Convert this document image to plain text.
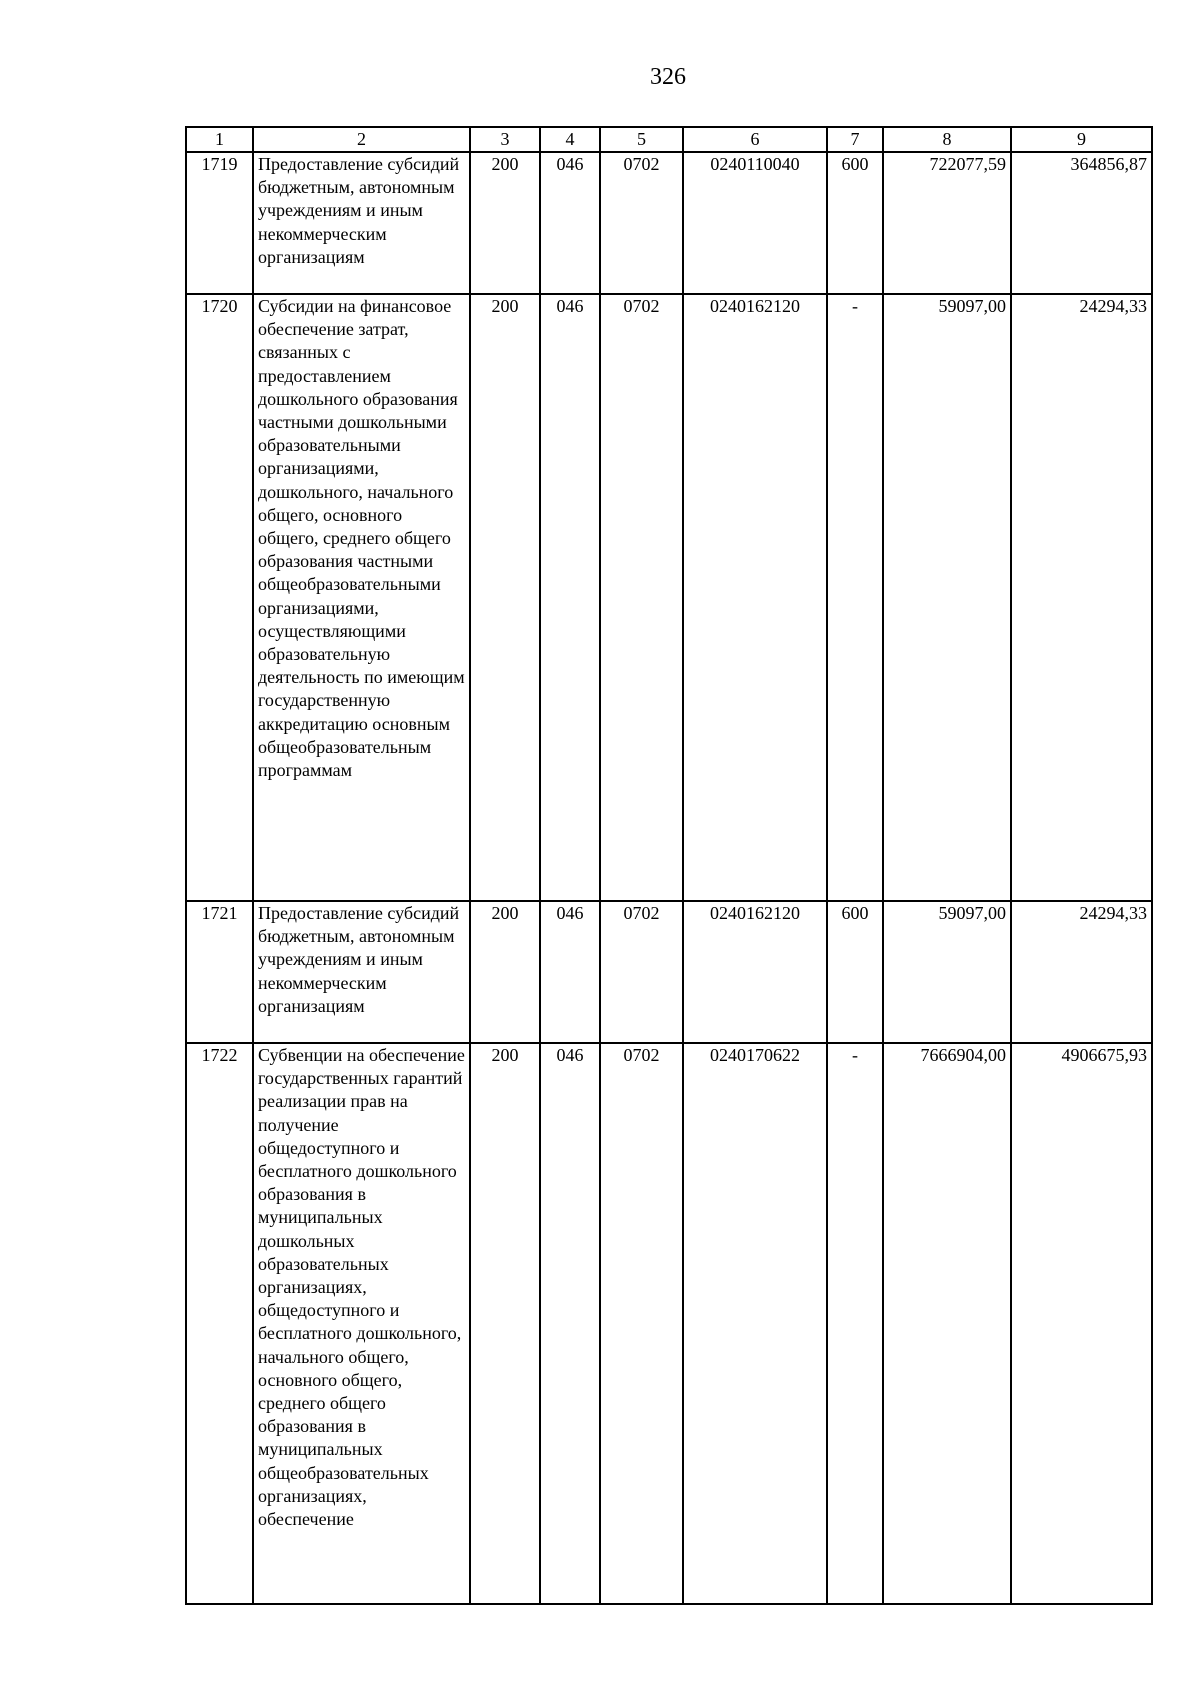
326
1	2	3	4	5	6	7	8	9
1719	Предоставление субсидий бюджетным, автономным учреждениям и иным некоммерческим организациям	200	046	0702	0240110040	600	722077,59	364856,87
1720	Субсидии на финансовое обеспечение затрат, связанных с предоставлением дошкольного образования частными дошкольными образовательными организациями, дошкольного, начального общего, основного общего, среднего общего образования частными общеобразовательными организациями, осуществляющими образовательную деятельность по имеющим государственную аккредитацию основным общеобразовательным программам	200	046	0702	0240162120	-	59097,00	24294,33
1721	Предоставление субсидий бюджетным, автономным учреждениям и иным некоммерческим организациям	200	046	0702	0240162120	600	59097,00	24294,33
1722	Субвенции на обеспечение государственных гарантий реализации прав на получение общедоступного и бесплатного дошкольного образования в муниципальных дошкольных образовательных организациях, общедоступного и бесплатного дошкольного, начального общего, основного общего, среднего общего образования в муниципальных общеобразовательных организациях, обеспечение	200	046	0702	0240170622	-	7666904,00	4906675,93
